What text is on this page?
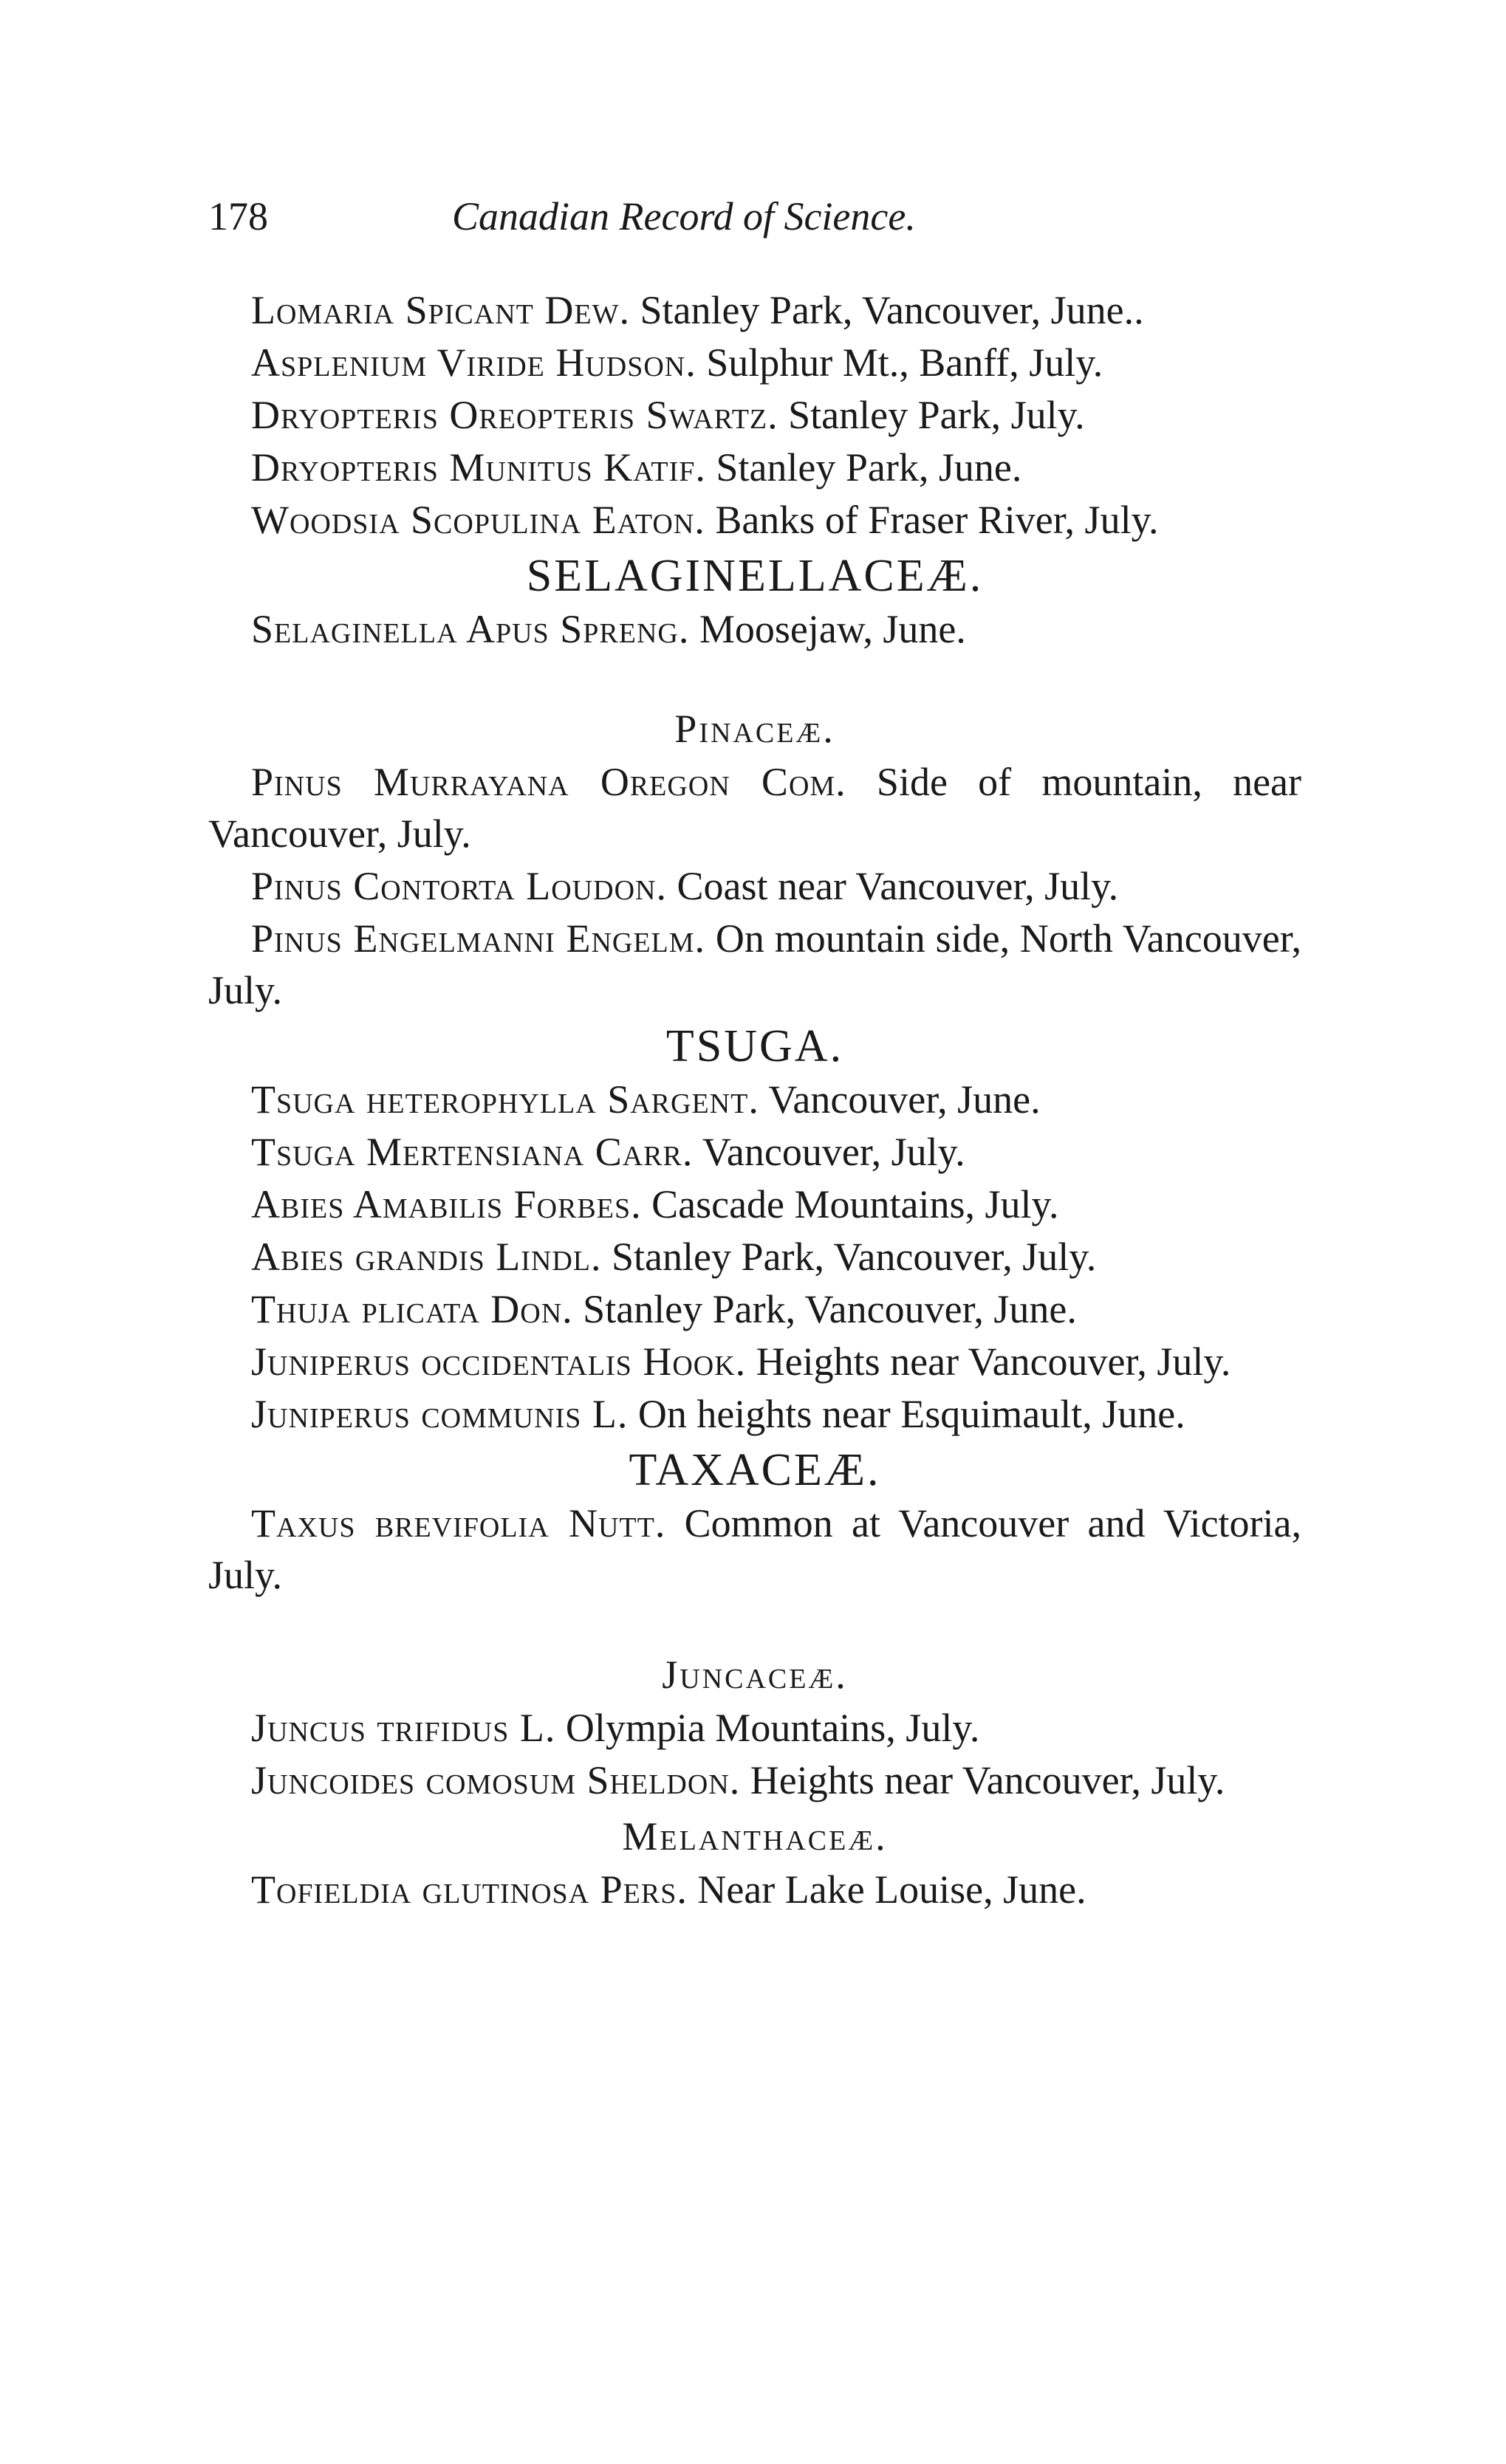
178	Canadian Record of Science.

Lomaria Spicant Dew. Stanley Park, Vancouver, June..

Asplenium Viride Hudson. Sulphur Mt., Banff, July.

Dryopteris Oreopteris Swartz. Stanley Park, July.

Dryopteris Munitus Katif. Stanley Park, June.

Woodsia Scopulina Eaton. Banks of Fraser River, July.

SELAGINELLACEÆ.

Selaginella Apus Spreng. Moosejaw, June.

Pinaceæ.

Pinus Murrayana Oregon Com. Side of mountain, near Vancouver, July.

Pinus Contorta Loudon. Coast near Vancouver, July.

Pinus Engelmanni Engelm. On mountain side, North Vancouver, July.

TSUGA.

Tsuga heterophylla Sargent. Vancouver, June.

Tsuga Mertensiana Carr. Vancouver, July.

Abies Amabilis Forbes. Cascade Mountains, July.

Abies grandis Lindl. Stanley Park, Vancouver, July.

Thuja plicata Don. Stanley Park, Vancouver, June.

Juniperus occidentalis Hook. Heights near Vancouver, July.

Juniperus communis L. On heights near Esquimault, June.

TAXACEÆ.

Taxus brevifolia Nutt. Common at Vancouver and Victoria, July.

Juncaceæ.

Juncus trifidus L. Olympia Mountains, July.

Juncoides comosum Sheldon. Heights near Vancouver, July.

Melanthaceæ.

Tofieldia glutinosa Pers. Near Lake Louise, June.
